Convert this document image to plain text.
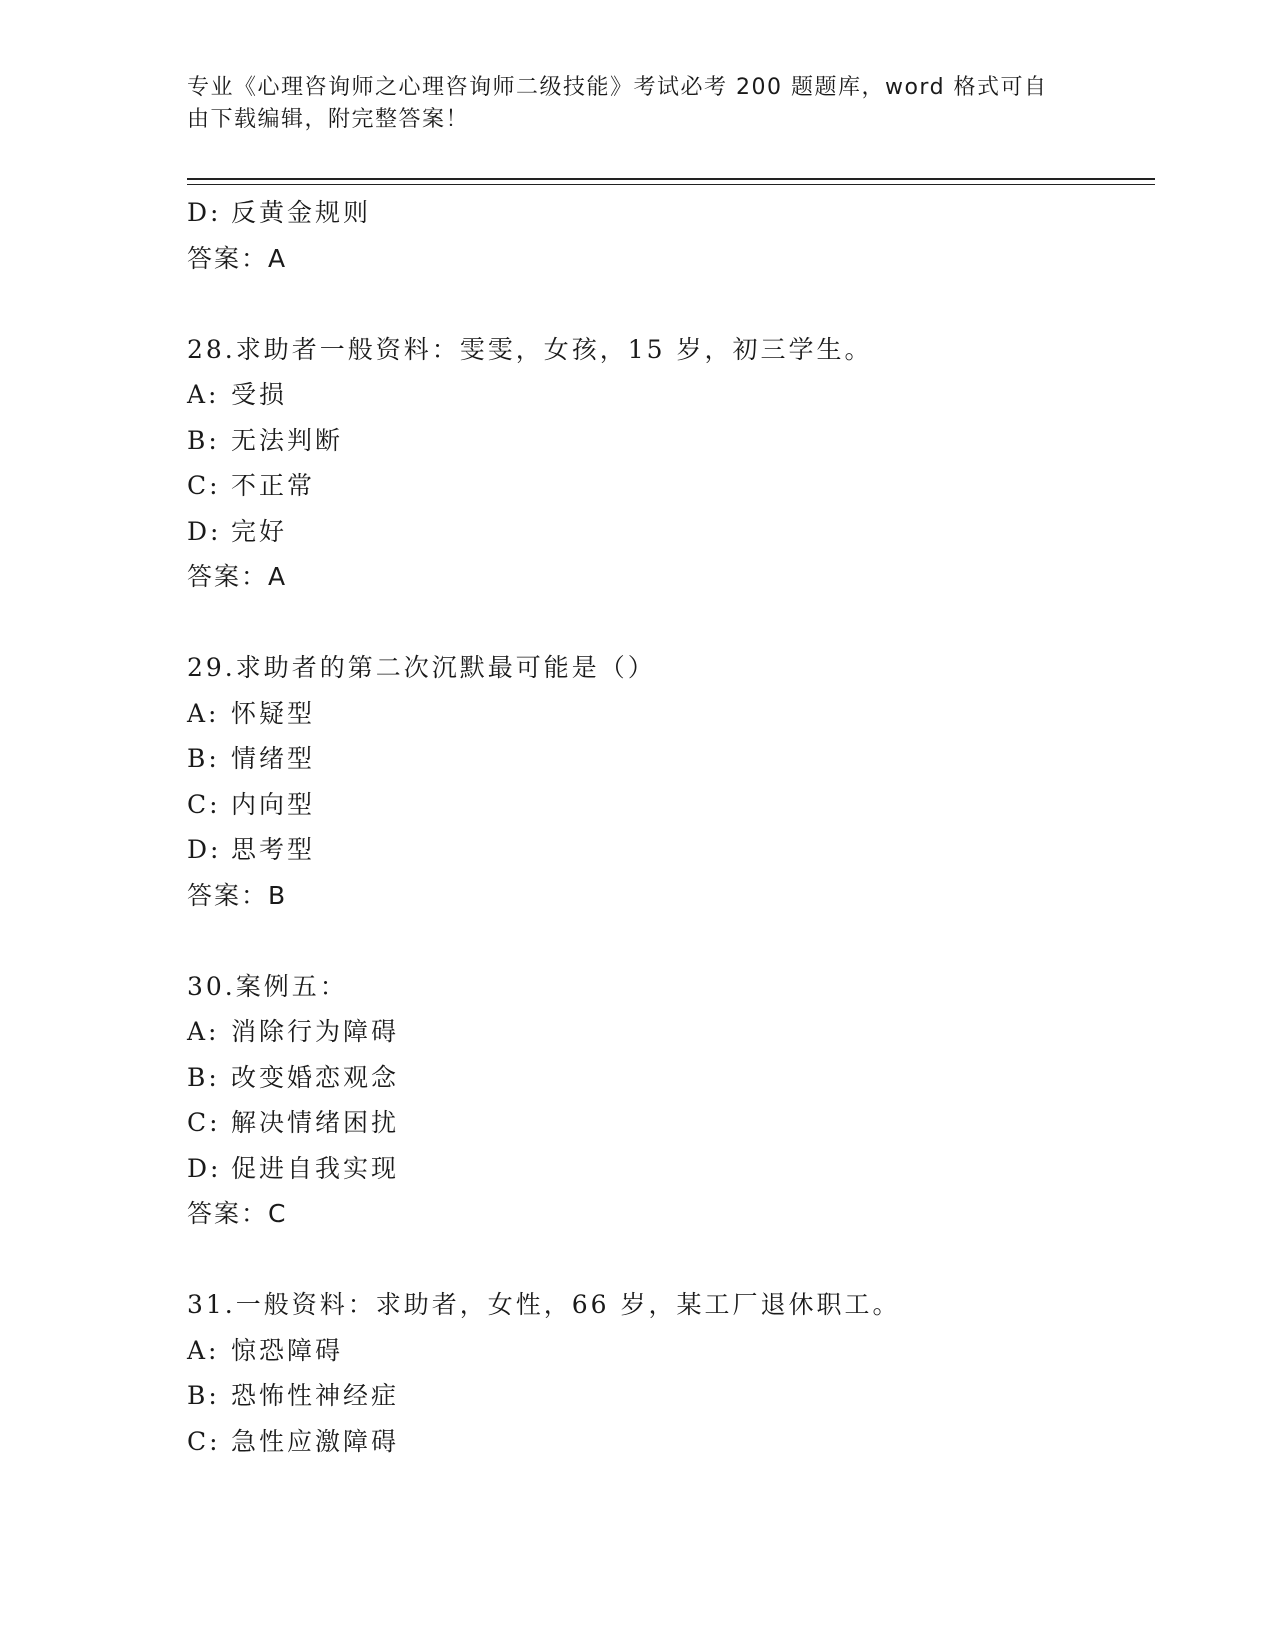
专业《心理咨询师之心理咨询师二级技能》考试必考 200 题题库，word 格式可自
由下载编辑，附完整答案！
D: 反黄金规则
答案：A
28.求助者一般资料：雯雯，女孩，15 岁，初三学生。
A: 受损
B: 无法判断
C: 不正常
D: 完好
答案：A
29.求助者的第二次沉默最可能是（）
A: 怀疑型
B: 情绪型
C: 内向型
D: 思考型
答案：B
30.案例五：
A: 消除行为障碍
B: 改变婚恋观念
C: 解决情绪困扰
D: 促进自我实现
答案：C
31.一般资料：求助者，女性，66 岁，某工厂退休职工。
A: 惊恐障碍
B: 恐怖性神经症
C: 急性应激障碍
